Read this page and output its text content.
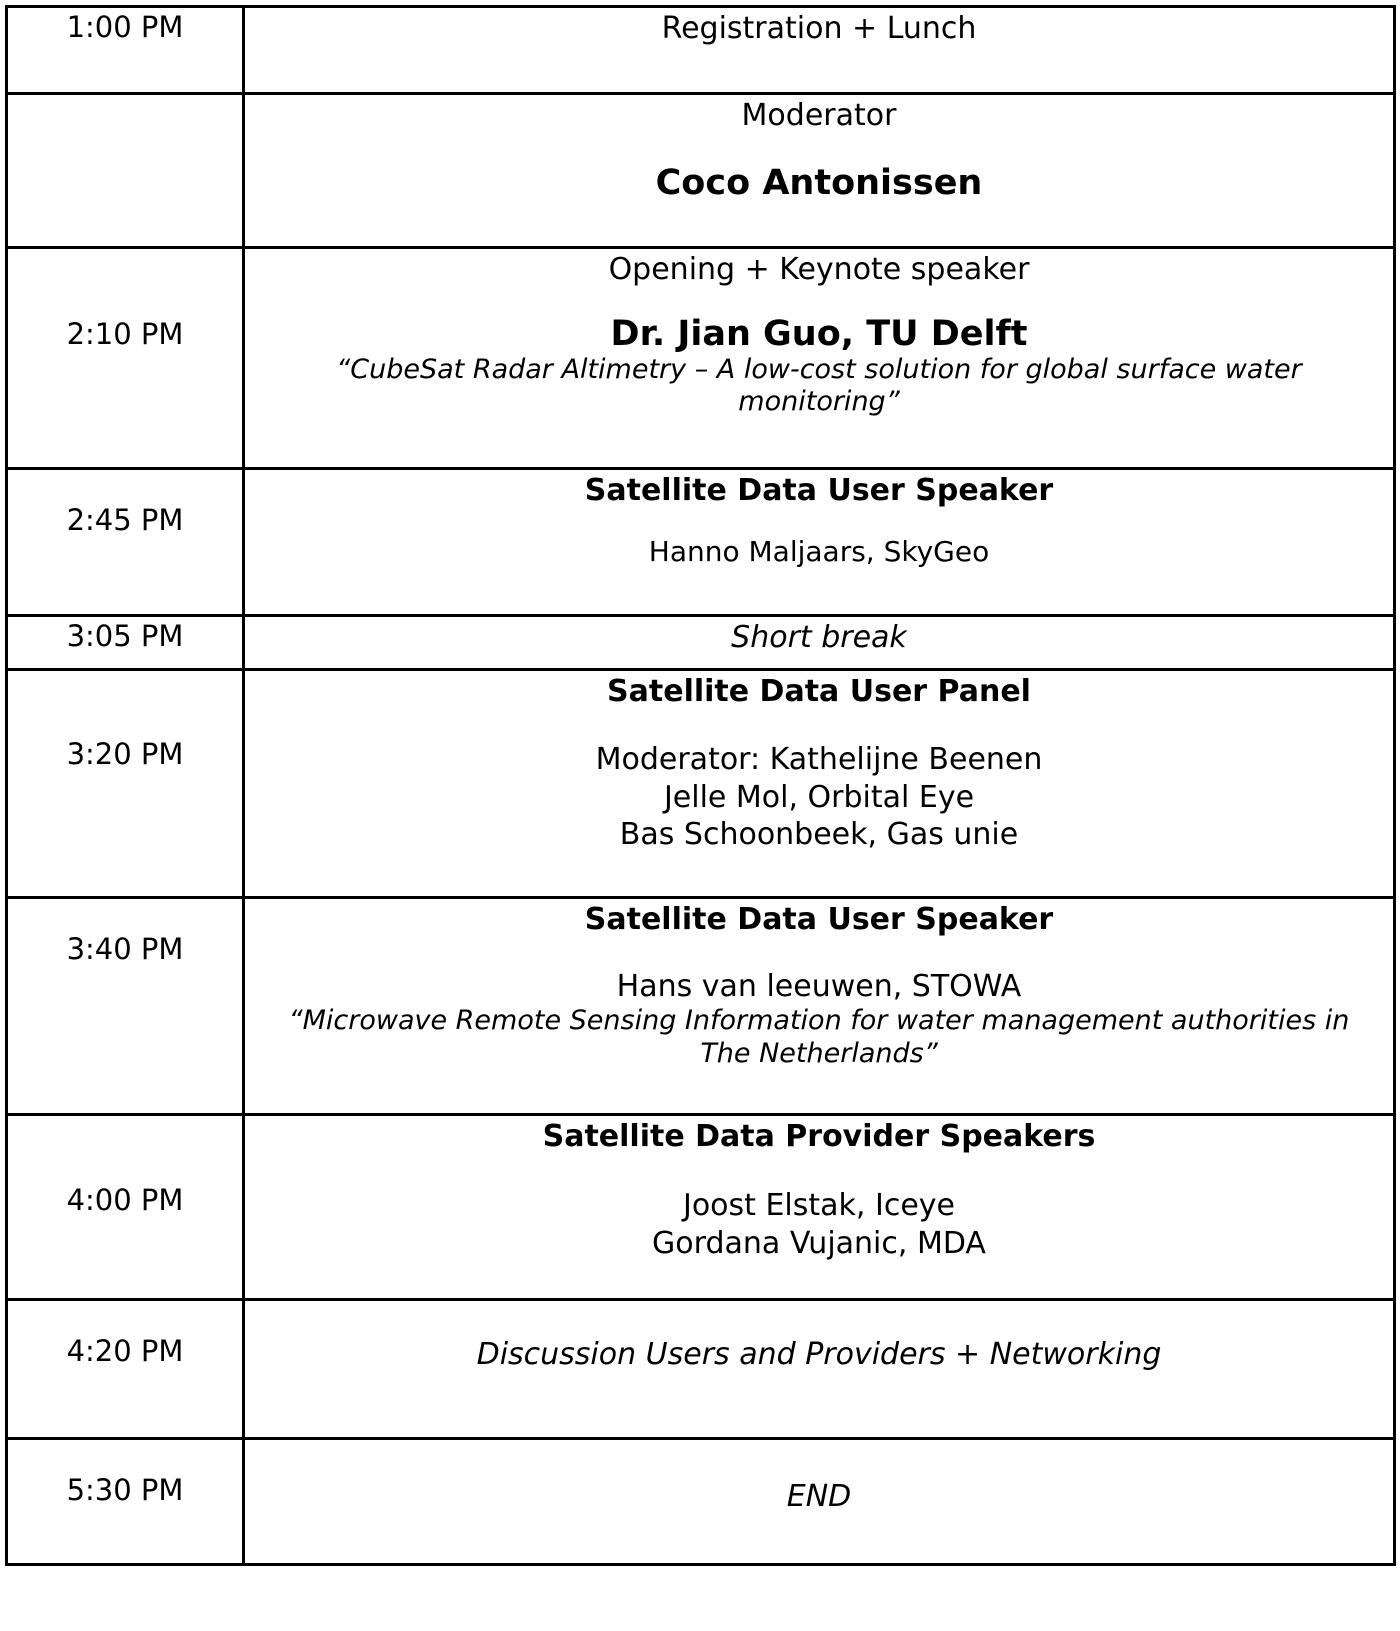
1:00 PM	Registration + Lunch

	Moderator
Coco Antonissen

2:10 PM	Opening + Keynote speaker
Dr. Jian Guo, TU Delft
“CubeSat Radar Altimetry – A low-cost solution for global surface water
monitoring”

2:45 PM	Satellite Data User Speaker
Hanno Maljaars, SkyGeo

3:05 PM	Short break

3:20 PM	Satellite Data User Panel
Moderator: Kathelijne Beenen
Jelle Mol, Orbital Eye
Bas Schoonbeek, Gas unie

3:40 PM	Satellite Data User Speaker
Hans van leeuwen, STOWA
“Microwave Remote Sensing Information for water management authorities in
The Netherlands”

4:00 PM	Satellite Data Provider Speakers
Joost Elstak, Iceye
Gordana Vujanic, MDA

4:20 PM	Discussion Users and Providers + Networking

5:30 PM	END
